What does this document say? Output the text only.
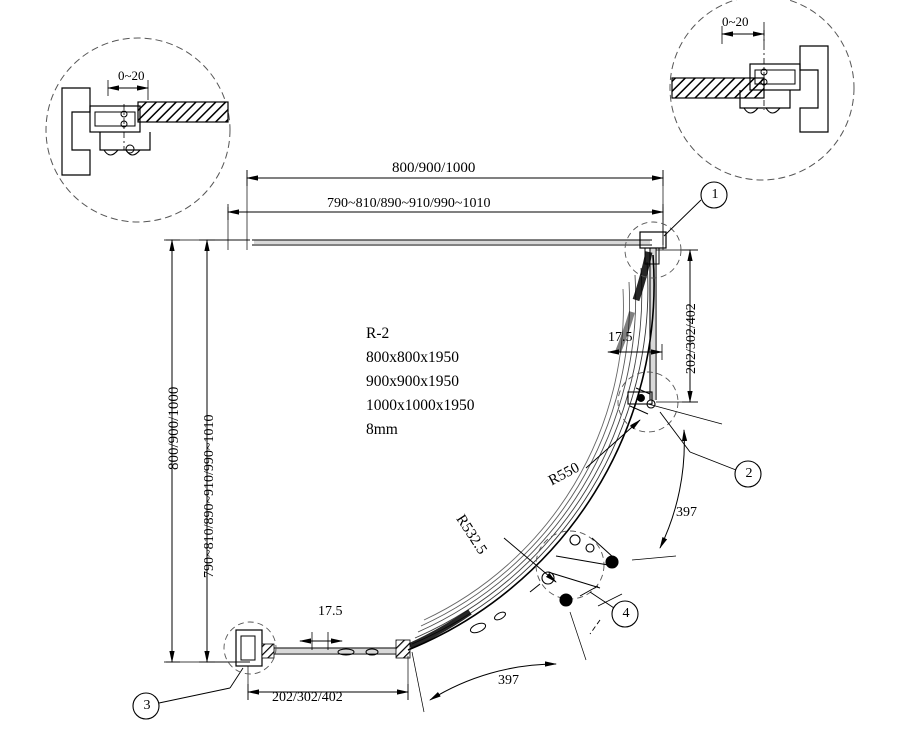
0~20
0~20
800/900/1000
790~810/890~910/990~1010
800/900/1000 790~810/890~910/990~1010
202/302/402
202/302/402
17.5
17.5
R550
R532.5	397
397
R-2
800x800x1950
900x900x1950
1000x1000x1950
8mm
1
2
3
4
